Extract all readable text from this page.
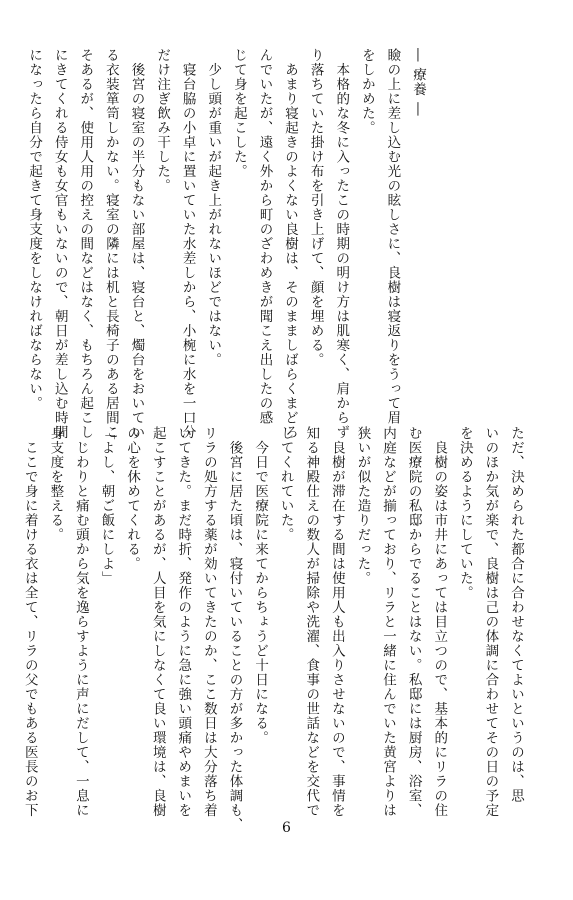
― 療養 ―

瞼の上に差し込む光の眩しさに、良樹は寝返りをうって眉

をしかめた。

　本格的な冬に入ったこの時期の明け方は肌寒く、肩からず

り落ちていた掛け布を引き上げて、顔を埋める。

　あまり寝起きのよくない良樹は、そのまましばらくまどろ

んでいたが、遠く外から町のざわめきが聞こえ出したの感

じて身を起こした。

　少し頭が重いが起き上がれないほどではない。

　寝台脇の小卓に置いていた水差しから、小椀に水を一口分

だけ注ぎ飲み干した。

　後宮の寝室の半分もない部屋は、寝台と、燭台をおいてい

る衣装箪笥しかない。寝室の隣には机と長椅子のある居間こ

そあるが、使用人用の控えの間などはなく、もちろん起こし

にきてくれる侍女も女官もいないので、朝日が差し込む時間

になったら自分で起きて身支度をしなければならない。

ただ、決められた都合に合わせなくてよいというのは、思

いのほか気が楽で、良樹は己の体調に合わせてその日の予定

を決めるようにしていた。

　良樹の姿は市井にあっては目立つので、基本的にリラの住

む医療院の私邸からでることはない。私邸には厨房、浴室、

内庭などが揃っており、リラと一緒に住んでいた黄宮よりは

狭いが似た造りだった。

　良樹が滞在する間は使用人も出入りさせないので、事情を

知る神殿仕えの数人が掃除や洗濯、食事の世話などを交代で

してくれていた。

　今日で医療院に来てからちょうど十日になる。

　後宮に居た頃は、寝付いていることの方が多かった体調も、

リラの処方する薬が効いてきたのか、ここ数日は大分落ち着

いてきた。まだ時折、発作のように急に強い頭痛やめまいを

起こすことがあるが、人目を気にしなくて良い環境は、良樹

の心を休めてくれる。

「よし、朝ご飯にしよ」

　じわりと痛む頭から気を逸らすように声にだして、一息に

身支度を整える。

　ここで身に着ける衣は全て、リラの父でもある医長のお下

6
